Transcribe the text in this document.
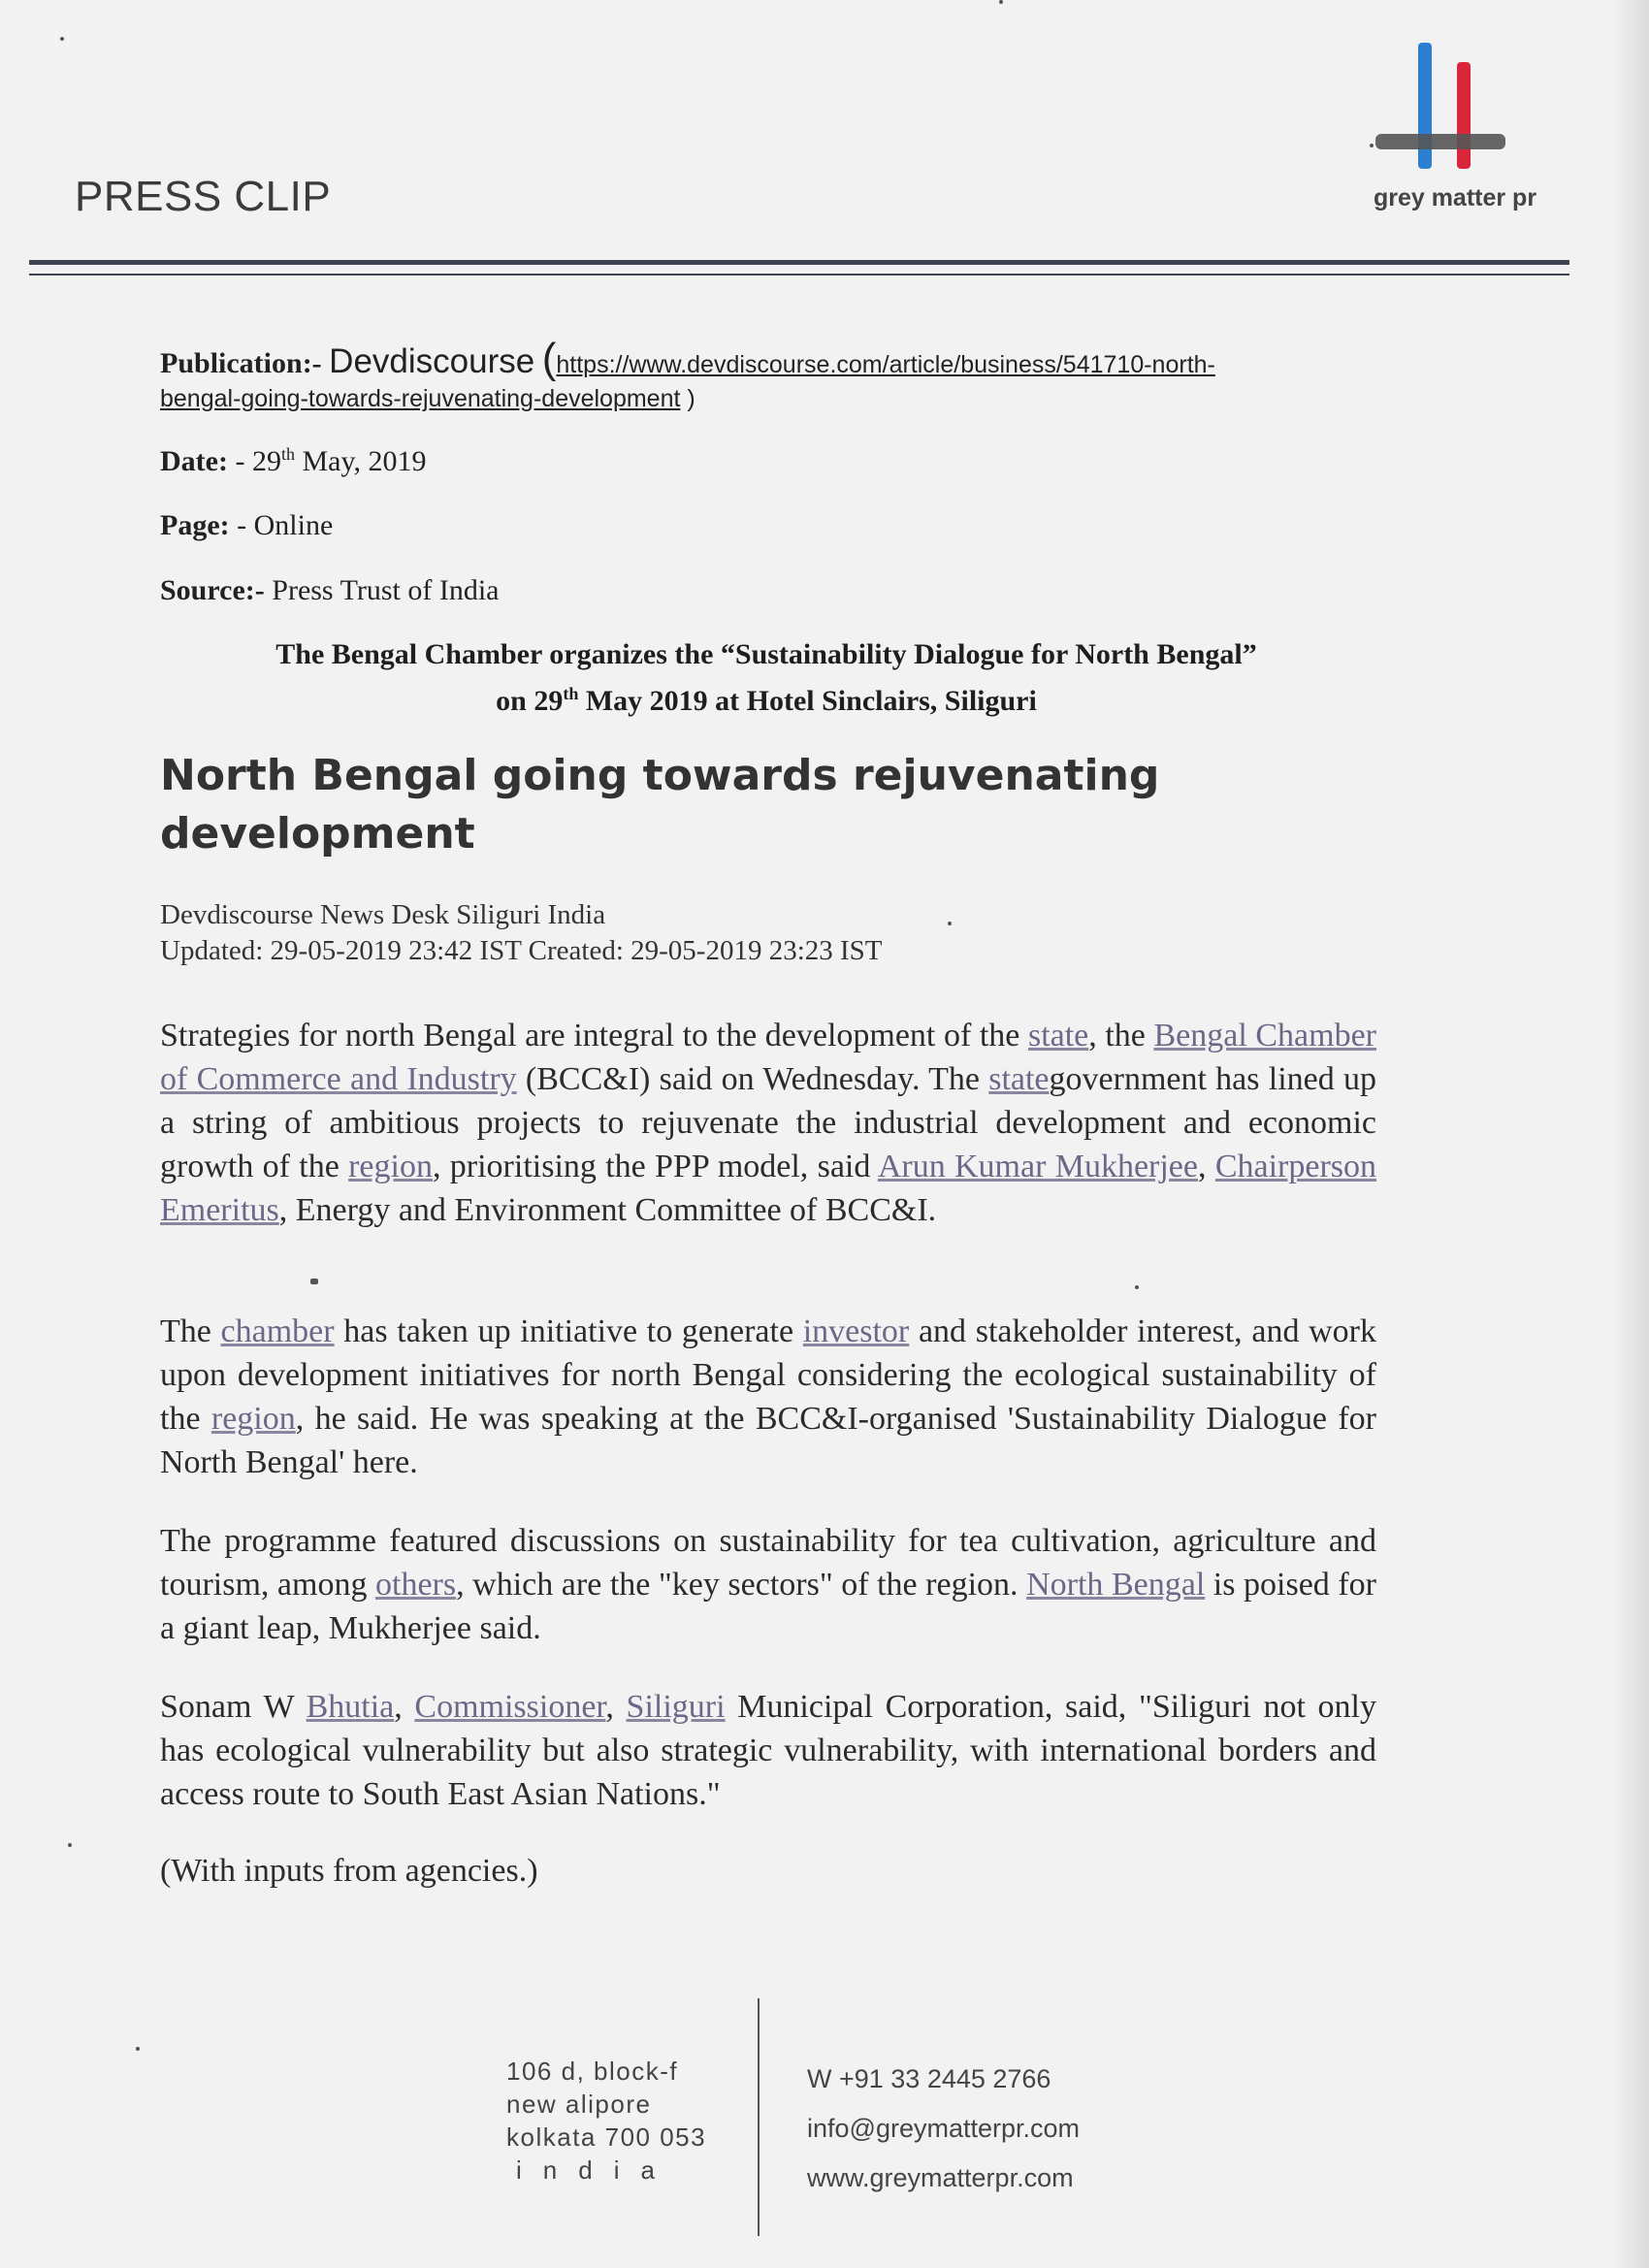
PRESS CLIP	grey matter pr
Publication:- Devdiscourse (https://www.devdiscourse.com/article/business/541710-north-
bengal-going-towards-rejuvenating-development )
Date: - 29th May, 2019
Page: - Online
Source:- Press Trust of India
The Bengal Chamber organizes the “Sustainability Dialogue for North Bengal”
on 29th May 2019 at Hotel Sinclairs, Siliguri
North Bengal going towards rejuvenating
development
Devdiscourse News Desk Siliguri India
Updated: 29-05-2019 23:42 IST Created: 29-05-2019 23:23 IST
Strategies for north Bengal are integral to the development of the state, the Bengal Chamber of Commerce and Industry (BCC&I) said on Wednesday. The stategovernment has lined up a string of ambitious projects to rejuvenate the industrial development and economic growth of the region, prioritising the PPP model, said Arun Kumar Mukherjee, Chairperson Emeritus, Energy and Environment Committee of BCC&I.
The chamber has taken up initiative to generate investor and stakeholder interest, and work upon development initiatives for north Bengal considering the ecological sustainability of the region, he said. He was speaking at the BCC&I-organised 'Sustainability Dialogue for North Bengal' here.
The programme featured discussions on sustainability for tea cultivation, agriculture and tourism, among others, which are the "key sectors" of the region. North Bengal is poised for a giant leap, Mukherjee said.
Sonam W Bhutia, Commissioner, Siliguri Municipal Corporation, said, "Siliguri not only has ecological vulnerability but also strategic vulnerability, with international borders and access route to South East Asian Nations."
(With inputs from agencies.)
106 d, block-f
new alipore
kolkata 700 053
india
W +91 33 2445 2766
info@greymatterpr.com
www.greymatterpr.com
